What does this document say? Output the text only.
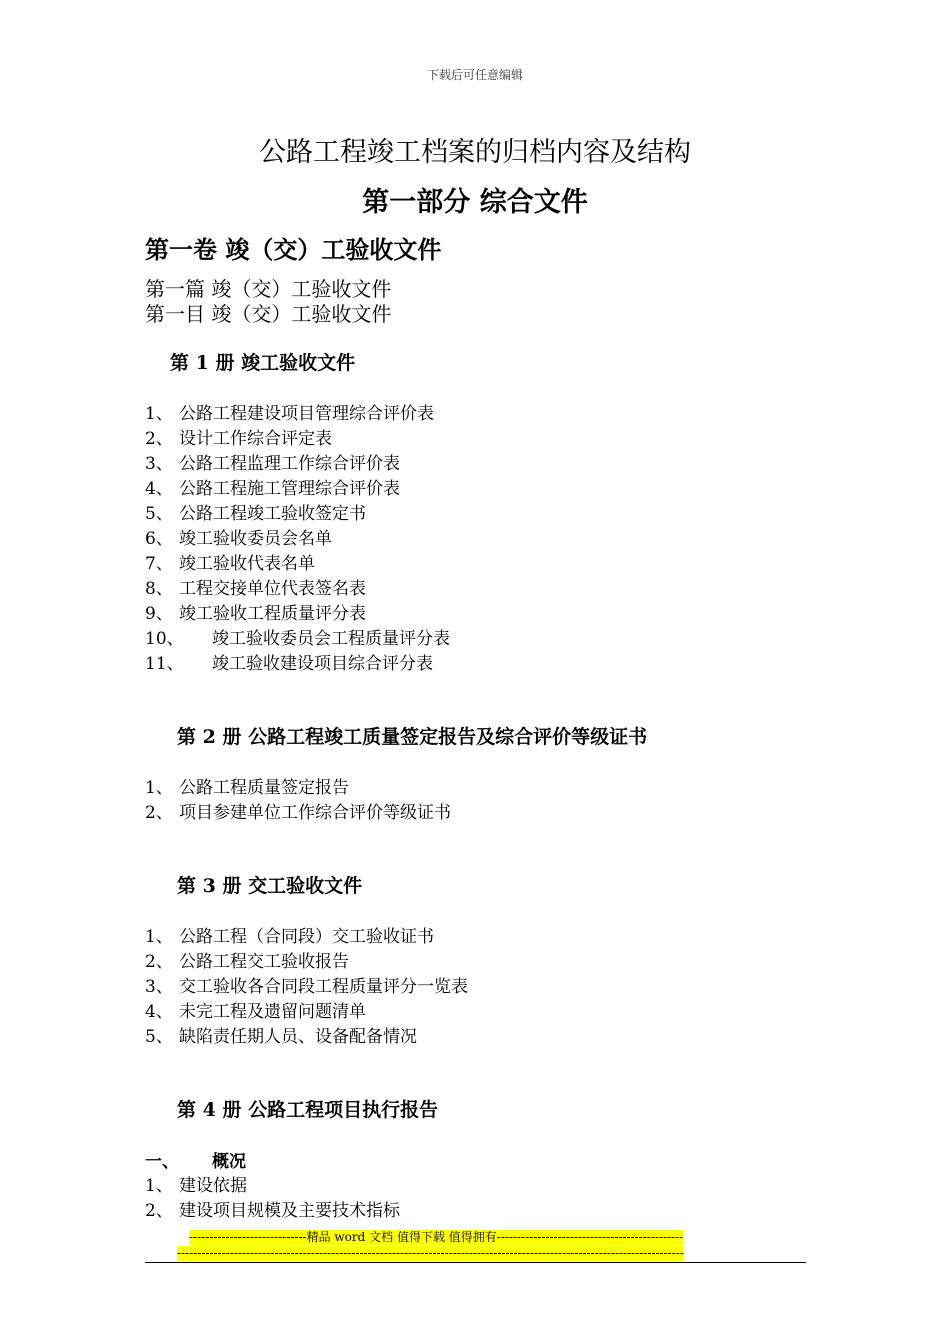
下载后可任意编辑
公路工程竣工档案的归档内容及结构
第一部分 综合文件
第一卷 竣（交）工验收文件
第一篇 竣（交）工验收文件
第一目 竣（交）工验收文件
第 1 册 竣工验收文件
1、 公路工程建设项目管理综合评价表
2、 设计工作综合评定表
3、 公路工程监理工作综合评价表
4、 公路工程施工管理综合评价表
5、 公路工程竣工验收签定书
6、 竣工验收委员会名单
7、 竣工验收代表名单
8、 工程交接单位代表签名表
9、 竣工验收工程质量评分表
10、 竣工验收委员会工程质量评分表
11、 竣工验收建设项目综合评分表
第 2 册 公路工程竣工质量签定报告及综合评价等级证书
1、 公路工程质量签定报告
2、 项目参建单位工作综合评价等级证书
第 3 册 交工验收文件
1、 公路工程（合同段）交工验收证书
2、 公路工程交工验收报告
3、 交工验收各合同段工程质量评分一览表
4、 未完工程及遗留问题清单
5、 缺陷责任期人员、设备配备情况
第 4 册 公路工程项目执行报告
一、 概况
1、 建设依据
2、 建设项目规模及主要技术指标
-----------------------------精品 word 文档 值得下载 值得拥有----------------------------------------------
-----------------------------------------------------------------------------------------------------------------------------
